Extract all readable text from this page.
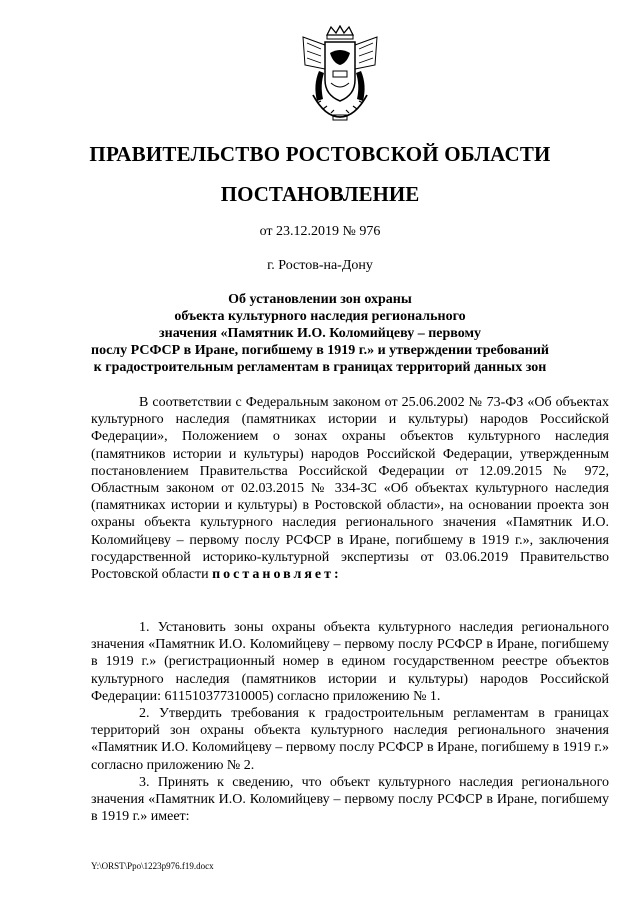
ПРАВИТЕЛЬСТВО РОСТОВСКОЙ ОБЛАСТИ
ПОСТАНОВЛЕНИЕ
от 23.12.2019 № 976
г. Ростов-на-Дону
Об установлении зон охраны
объекта культурного наследия регионального
значения «Памятник И.О. Коломийцеву – первому
послу РСФСР в Иране, погибшему в 1919 г.» и утверждении требований
к градостроительным регламентам в границах территорий данных зон

В соответствии с Федеральным законом от 25.06.2002 № 73-ФЗ «Об объектах культурного наследия (памятниках истории и культуры) народов Российской Федерации», Положением о зонах охраны объектов культурного наследия (памятников истории и культуры) народов Российской Федерации, утвержденным постановлением Правительства Российской Федерации от 12.09.2015 № 972, Областным законом от 02.03.2015 № 334-ЗС «Об объектах культурного наследия (памятниках истории и культуры) в Ростовской области», на основании проекта зон охраны объекта культурного наследия регионального значения «Памятник И.О. Коломийцеву – первому послу РСФСР в Иране, погибшему в 1919 г.», заключения государственной историко-культурной экспертизы от 03.06.2019 Правительство Ростовской области постановляет:

1. Установить зоны охраны объекта культурного наследия регионального значения «Памятник И.О. Коломийцеву – первому послу РСФСР в Иране, погибшему в 1919 г.» (регистрационный номер в едином государственном реестре объектов культурного наследия (памятников истории и культуры) народов Российской Федерации: 611510377310005) согласно приложению № 1.

2. Утвердить требования к градостроительным регламентам в границах территорий зон охраны объекта культурного наследия регионального значения «Памятник И.О. Коломийцеву – первому послу РСФСР в Иране, погибшему в 1919 г.» согласно приложению № 2.

3. Принять к сведению, что объект культурного наследия регионального значения «Памятник И.О. Коломийцеву – первому послу РСФСР в Иране, погибшему в 1919 г.» имеет:

Y:\ORST\Ppo\1223p976.f19.docx
